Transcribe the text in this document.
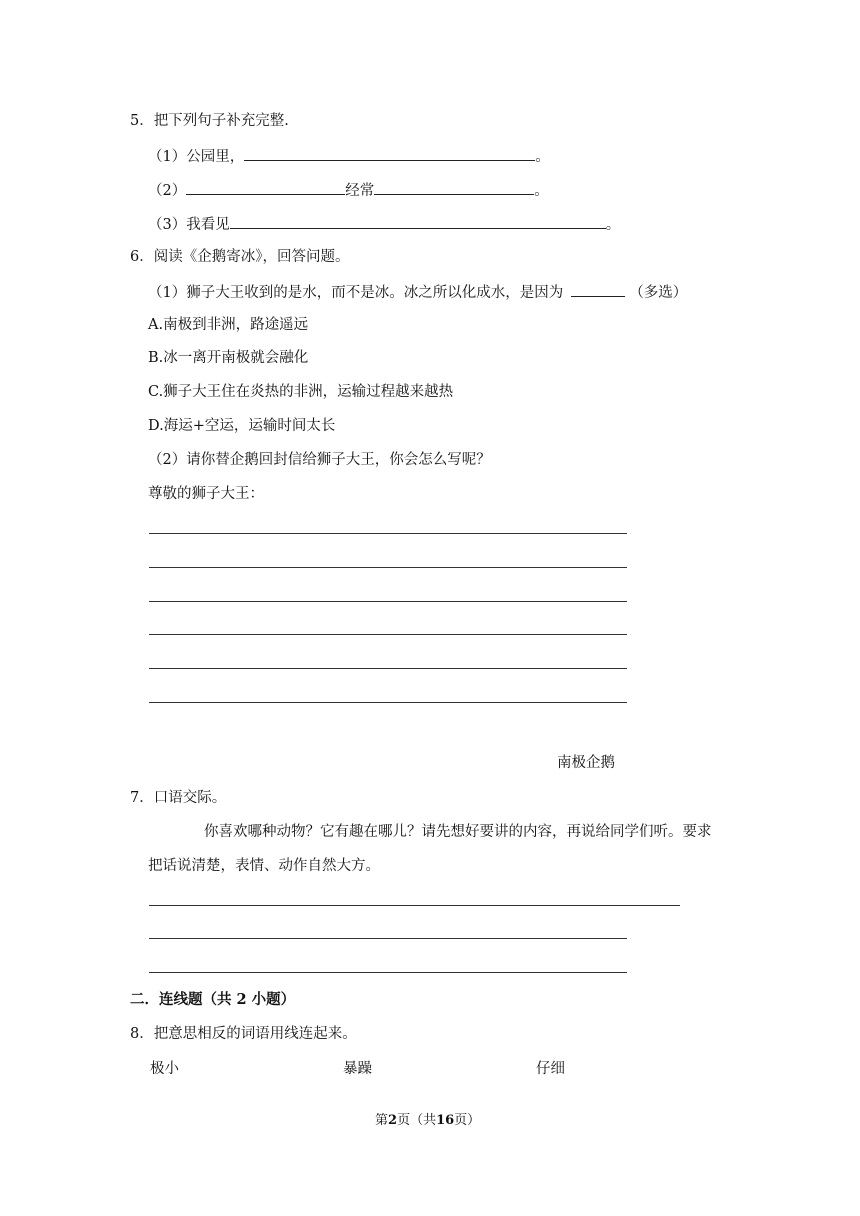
5．把下列句子补充完整.
（1）公园里，	。
（2）	经常	。
（3）我看见	。
6．阅读《企鹅寄冰》，回答问题。
（1）狮子大王收到的是水，而不是冰。冰之所以化成水，是因为	（多选）
A.南极到非洲，路途遥远
B.冰一离开南极就会融化
C.狮子大王住在炎热的非洲，运输过程越来越热
D.海运+空运，运输时间太长
（2）请你替企鹅回封信给狮子大王，你会怎么写呢？
尊敬的狮子大王：
南极企鹅
7．口语交际。
你喜欢哪种动物？它有趣在哪儿？请先想好要讲的内容，再说给同学们听。要求
把话说清楚，表情、动作自然大方。
二．连线题（共 2 小题）
8．把意思相反的词语用线连起来。
极小	暴躁	仔细
第2页（共16页）
